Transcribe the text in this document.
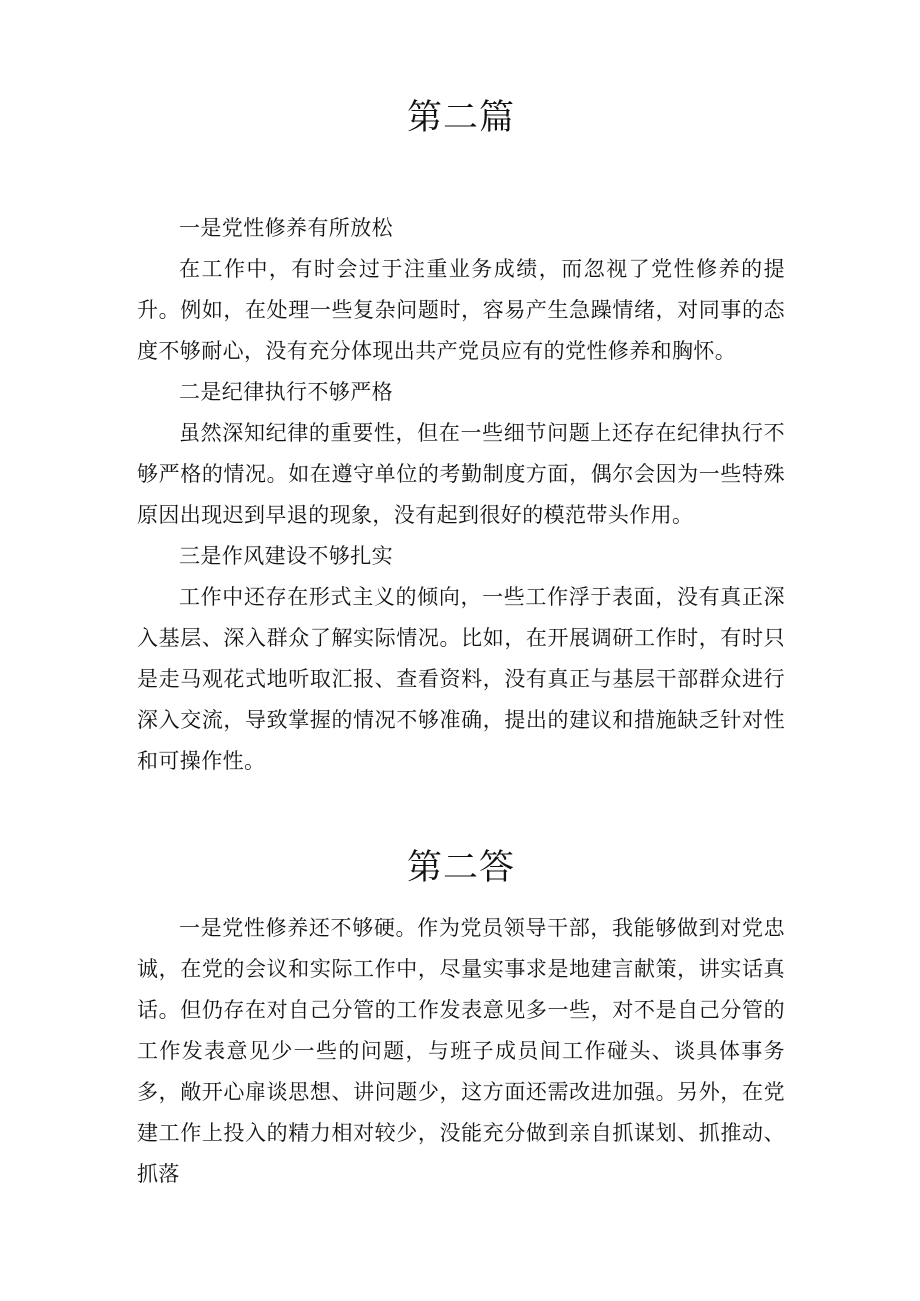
第二篇

一是党性修养有所放松

在工作中，有时会过于注重业务成绩，而忽视了党性修养的提升。例如，在处理一些复杂问题时，容易产生急躁情绪，对同事的态度不够耐心，没有充分体现出共产党员应有的党性修养和胸怀。

二是纪律执行不够严格

虽然深知纪律的重要性，但在一些细节问题上还存在纪律执行不够严格的情况。如在遵守单位的考勤制度方面，偶尔会因为一些特殊原因出现迟到早退的现象，没有起到很好的模范带头作用。

三是作风建设不够扎实

工作中还存在形式主义的倾向，一些工作浮于表面，没有真正深入基层、深入群众了解实际情况。比如，在开展调研工作时，有时只是走马观花式地听取汇报、查看资料，没有真正与基层干部群众进行深入交流，导致掌握的情况不够准确，提出的建议和措施缺乏针对性和可操作性。

第二答

一是党性修养还不够硬。作为党员领导干部，我能够做到对党忠诚，在党的会议和实际工作中，尽量实事求是地建言献策，讲实话真话。但仍存在对自己分管的工作发表意见多一些，对不是自己分管的工作发表意见少一些的问题，与班子成员间工作碰头、谈具体事务多，敞开心扉谈思想、讲问题少，这方面还需改进加强。另外，在党建工作上投入的精力相对较少，没能充分做到亲自抓谋划、抓推动、抓落
